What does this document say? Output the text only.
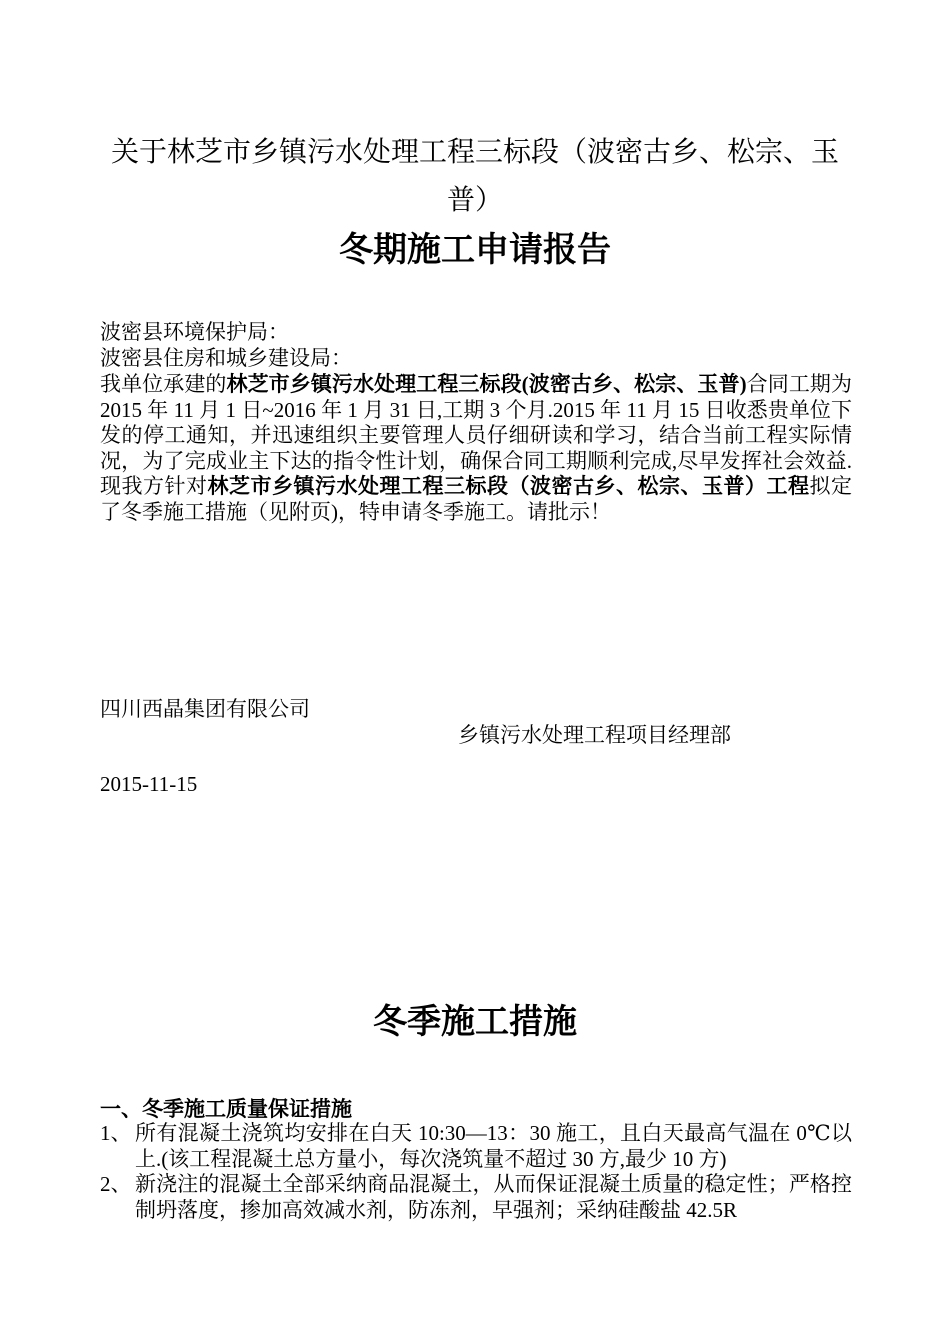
关于林芝市乡镇污水处理工程三标段（波密古乡、松宗、玉普）
冬期施工申请报告
波密县环境保护局：
波密县住房和城乡建设局：
我单位承建的林芝市乡镇污水处理工程三标段(波密古乡、松宗、玉普)合同工期为 2015 年 11 月 1 日~2016 年 1 月 31 日,工期 3 个月.2015 年 11 月 15 日收悉贵单位下发的停工通知，并迅速组织主要管理人员仔细研读和学习，结合当前工程实际情况，为了完成业主下达的指令性计划，确保合同工期顺利完成,尽早发挥社会效益.现我方针对林芝市乡镇污水处理工程三标段（波密古乡、松宗、玉普）工程拟定了冬季施工措施（见附页)，特申请冬季施工。请批示！
四川西晶集团有限公司
乡镇污水处理工程项目经理部
2015-11-15
冬季施工措施
一、冬季施工质量保证措施
1、 所有混凝土浇筑均安排在白天 10:30—13：30 施工，且白天最高气温在 0℃以上.(该工程混凝土总方量小，每次浇筑量不超过 30 方,最少 10 方)
2、 新浇注的混凝土全部采纳商品混凝土，从而保证混凝土质量的稳定性；严格控制坍落度，掺加高效减水剂，防冻剂，早强剂；采纳硅酸盐 42.5R
